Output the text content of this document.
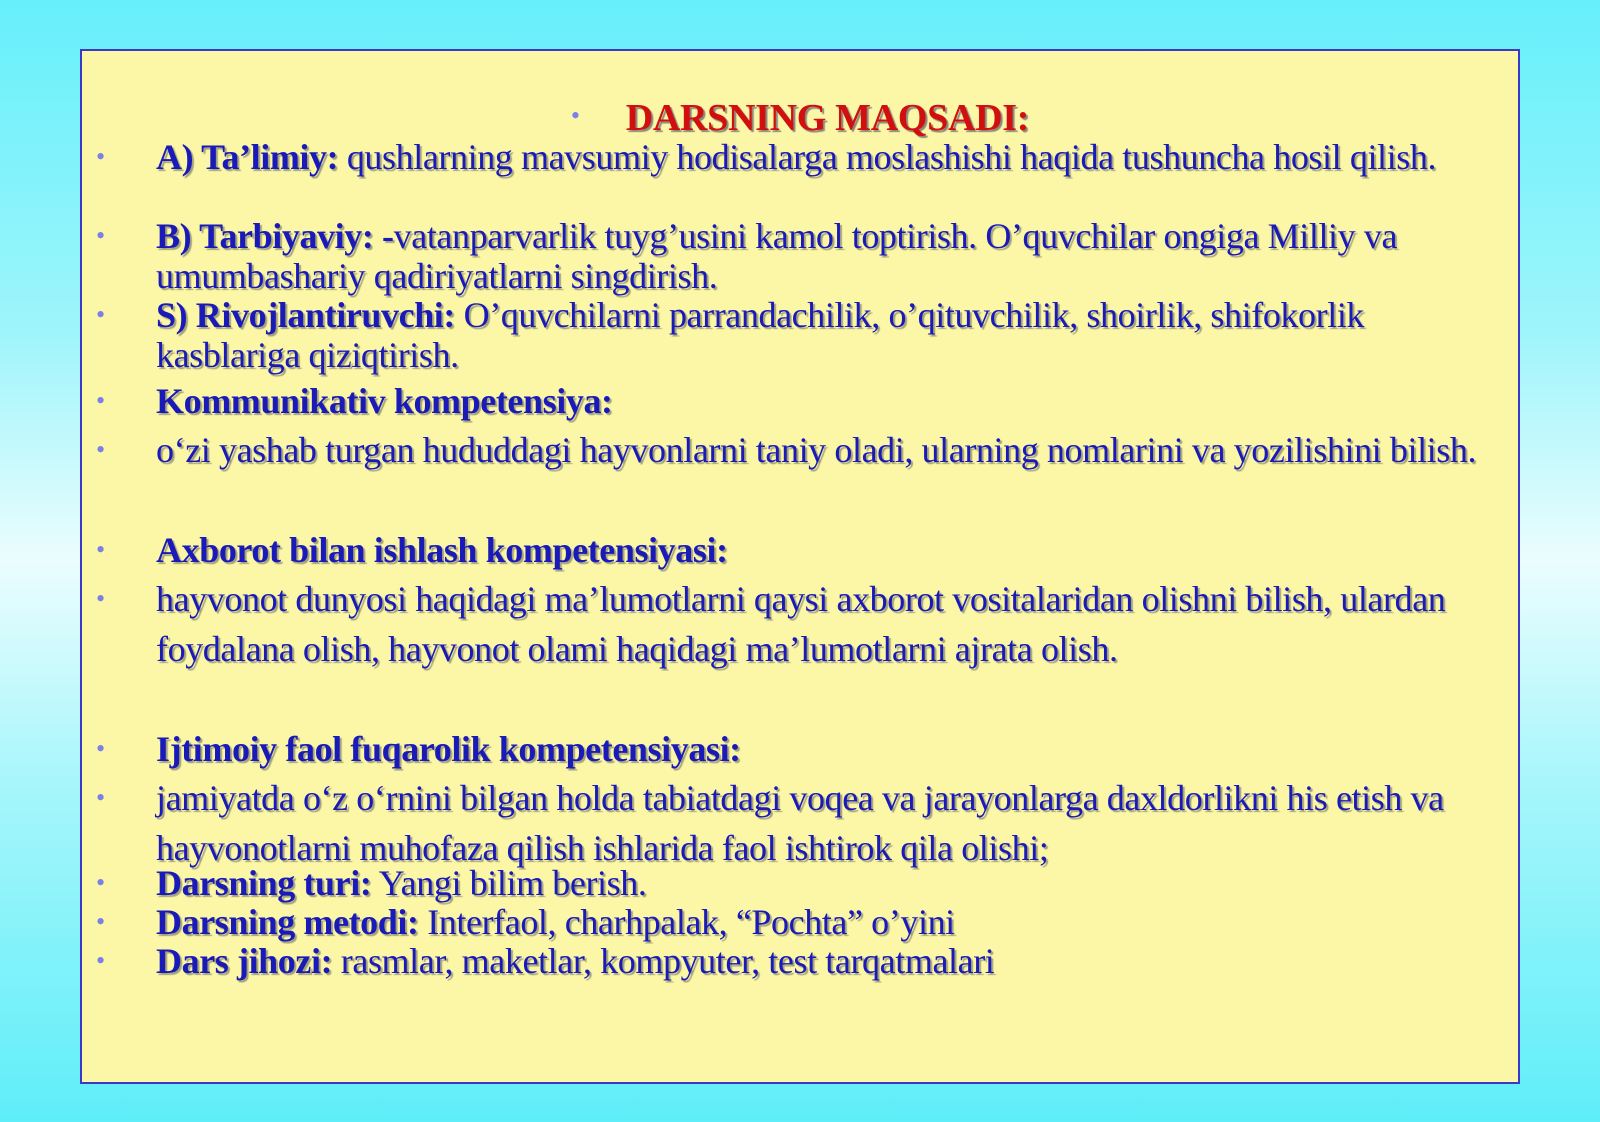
• DARSNING MAQSADI:
• A) Ta’limiy: qushlarning mavsumiy hodisalarga moslashishi haqida tushuncha hosil qilish.
• B) Tarbiyaviy: -vatanparvarlik tuyg’usini kamol toptirish. O’quvchilar ongiga Milliy va umumbashariy qadiriyatlarni singdirish.
• S) Rivojlantiruvchi: O’quvchilarni parrandachilik, o’qituvchilik, shoirlik, shifokorlik kasblariga qiziqtirish.
• Kommunikativ kompetensiya:
• o‘zi yashab turgan hududdagi hayvonlarni taniy oladi, ularning nomlarini va yozilishini bilish.
• Axborot bilan ishlash kompetensiyasi:
• hayvonot dunyosi haqidagi ma’lumotlarni qaysi axborot vositalaridan olishni bilish, ulardan foydalana olish, hayvonot olami haqidagi ma’lumotlarni ajrata olish.
• Ijtimoiy faol fuqarolik kompetensiyasi:
• jamiyatda o‘z o‘rnini bilgan holda tabiatdagi voqea va jarayonlarga daxldorlikni his etish va hayvonotlarni muhofaza qilish ishlarida faol ishtirok qila olishi;
• Darsning turi: Yangi bilim berish.
• Darsning metodi: Interfaol, charhpalak, “Pochta” o’yini
• Dars jihozi: rasmlar, maketlar, kompyuter, test tarqatmalari
